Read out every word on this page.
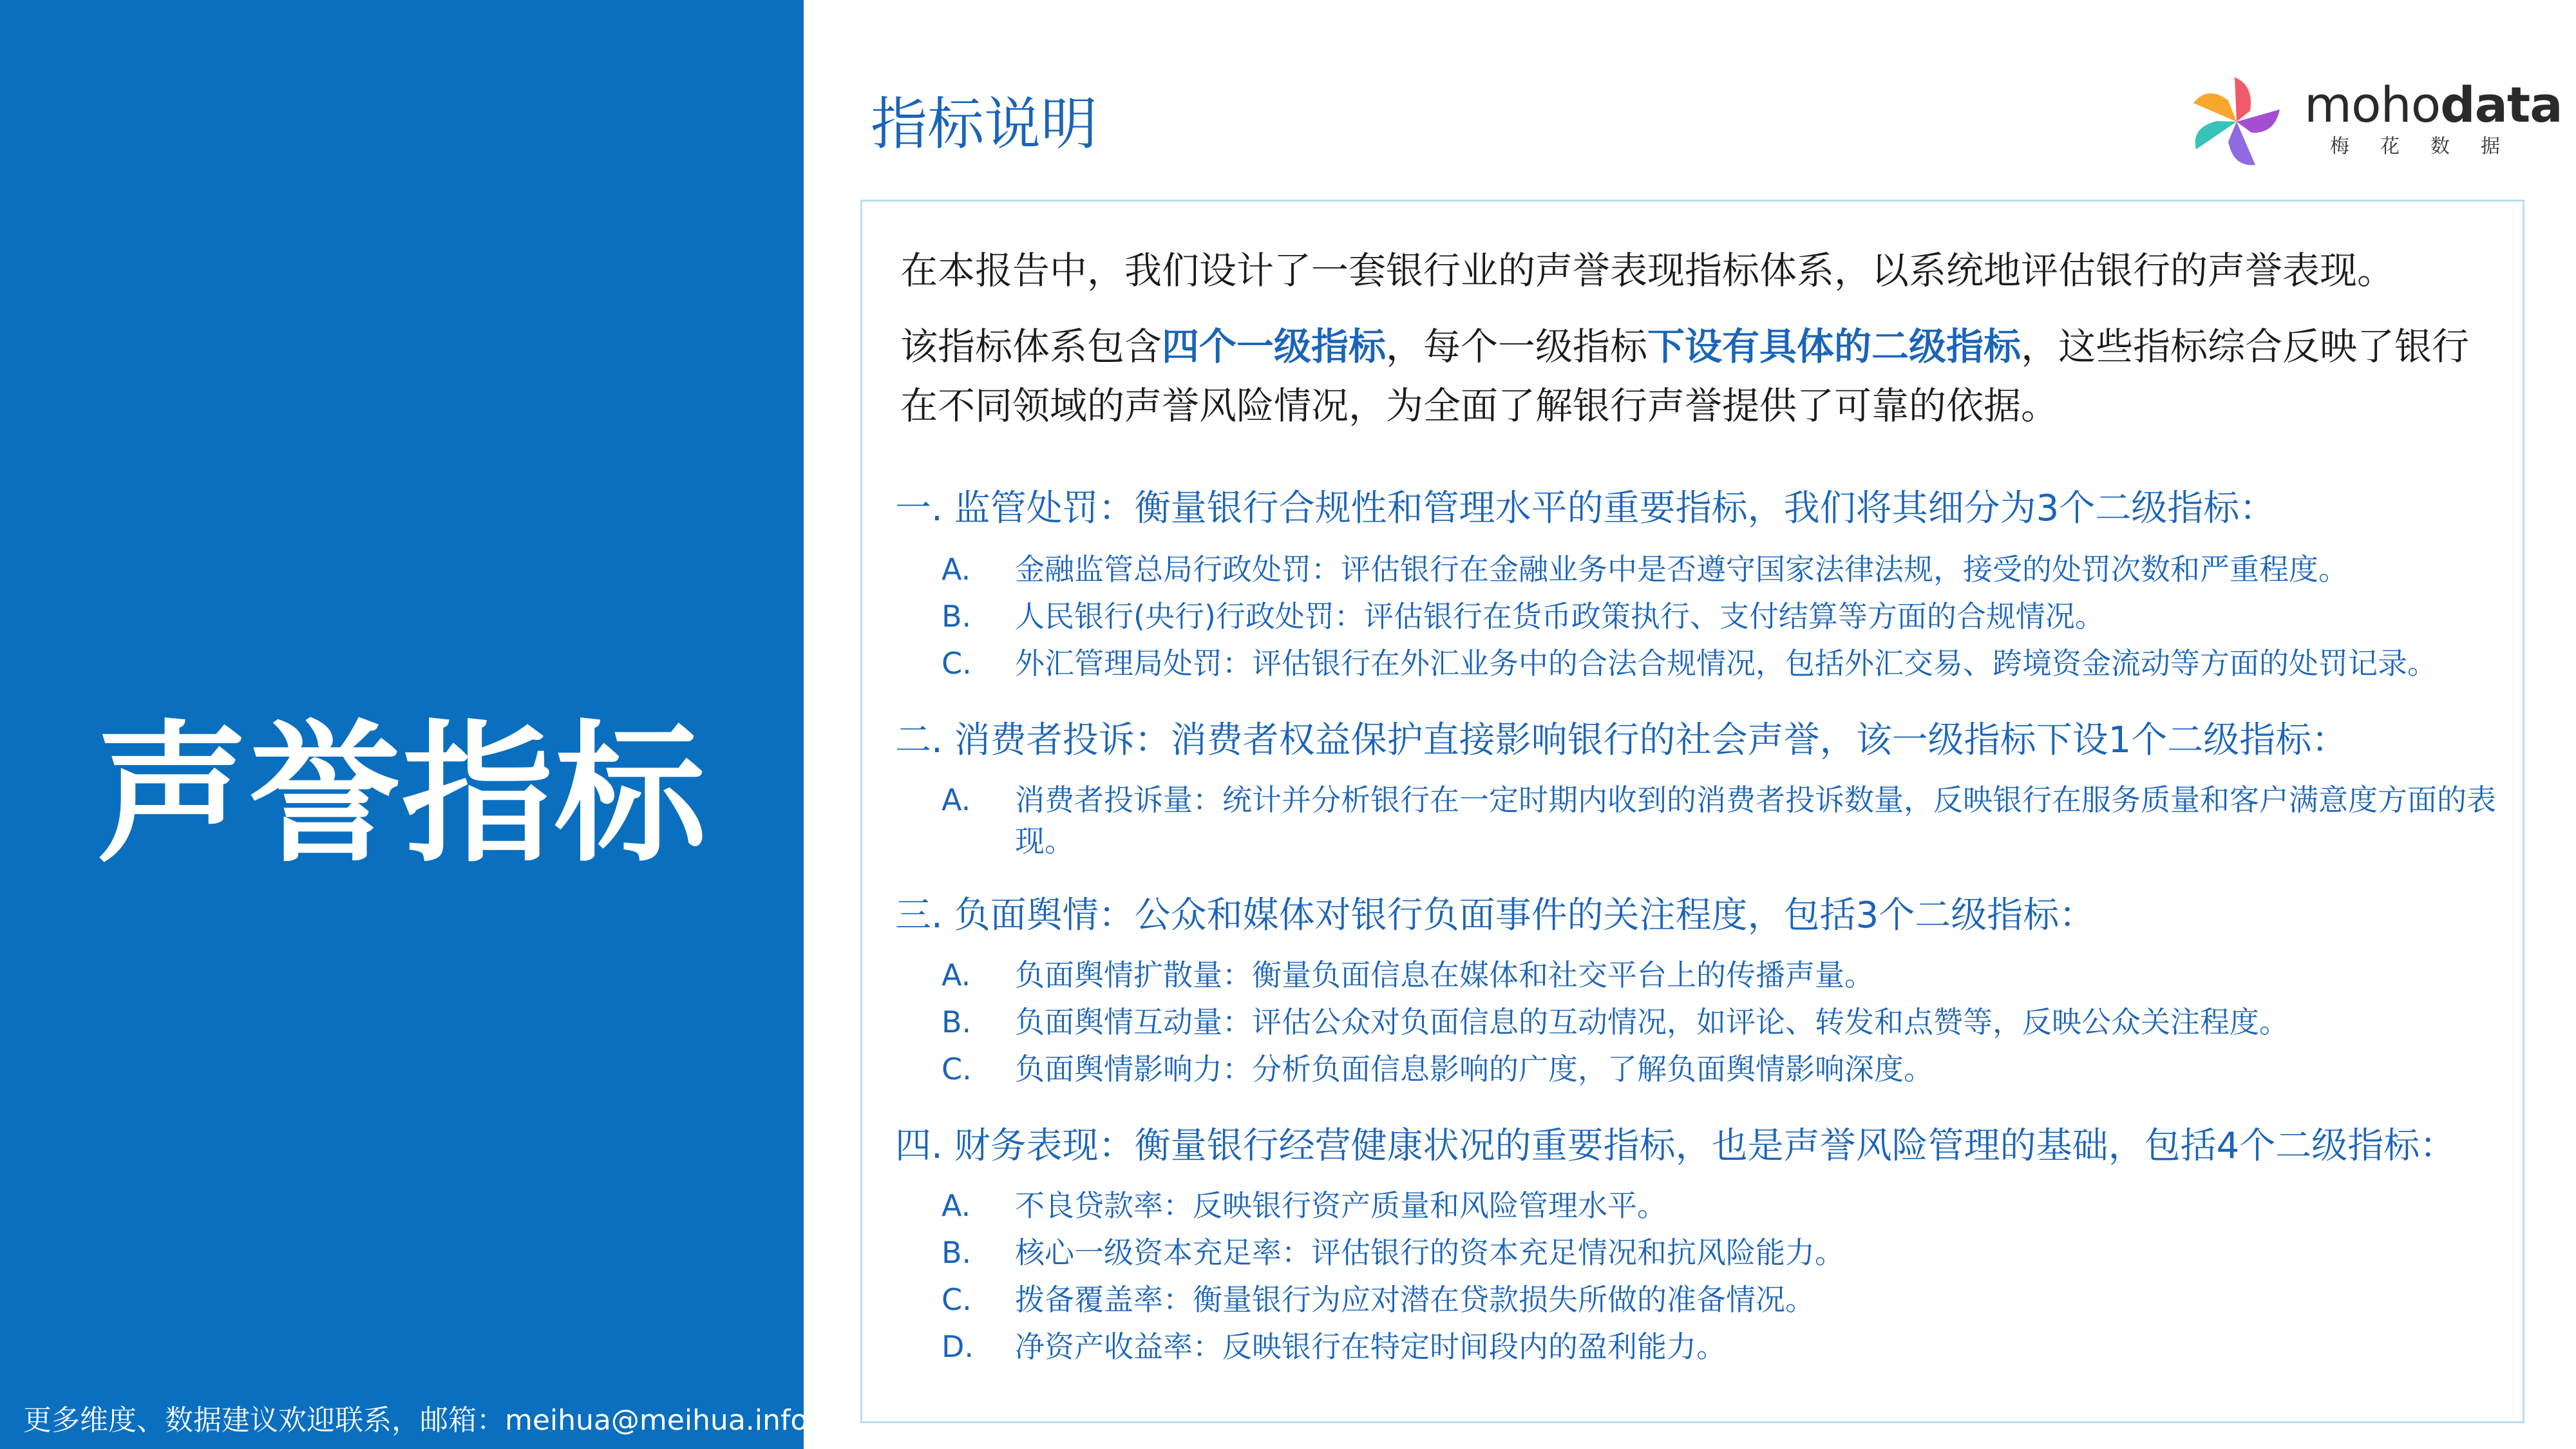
声誉指标
更多维度、数据建议欢迎联系，邮箱：meihua@meihua.info
指标说明	mohodata
梅花数据
在本报告中，我们设计了一套银行业的声誉表现指标体系，以系统地评估银行的声誉表现。
该指标体系包含四个一级指标，每个一级指标下设有具体的二级指标，这些指标综合反映了银行在不同领域的声誉风险情况，为全面了解银行声誉提供了可靠的依据。
一. 监管处罚：衡量银行合规性和管理水平的重要指标，我们将其细分为3个二级指标：
A. 金融监管总局行政处罚：评估银行在金融业务中是否遵守国家法律法规，接受的处罚次数和严重程度。
B. 人民银行(央行)行政处罚：评估银行在货币政策执行、支付结算等方面的合规情况。
C. 外汇管理局处罚：评估银行在外汇业务中的合法合规情况，包括外汇交易、跨境资金流动等方面的处罚记录。
二. 消费者投诉：消费者权益保护直接影响银行的社会声誉，该一级指标下设1个二级指标：
A. 消费者投诉量：统计并分析银行在一定时期内收到的消费者投诉数量，反映银行在服务质量和客户满意度方面的表现。
三. 负面舆情：公众和媒体对银行负面事件的关注程度，包括3个二级指标：
A. 负面舆情扩散量：衡量负面信息在媒体和社交平台上的传播声量。
B. 负面舆情互动量：评估公众对负面信息的互动情况，如评论、转发和点赞等，反映公众关注程度。
C. 负面舆情影响力：分析负面信息影响的广度，了解负面舆情影响深度。
四. 财务表现：衡量银行经营健康状况的重要指标，也是声誉风险管理的基础，包括4个二级指标：
A. 不良贷款率：反映银行资产质量和风险管理水平。
B. 核心一级资本充足率：评估银行的资本充足情况和抗风险能力。
C. 拨备覆盖率：衡量银行为应对潜在贷款损失所做的准备情况。
D. 净资产收益率：反映银行在特定时间段内的盈利能力。
